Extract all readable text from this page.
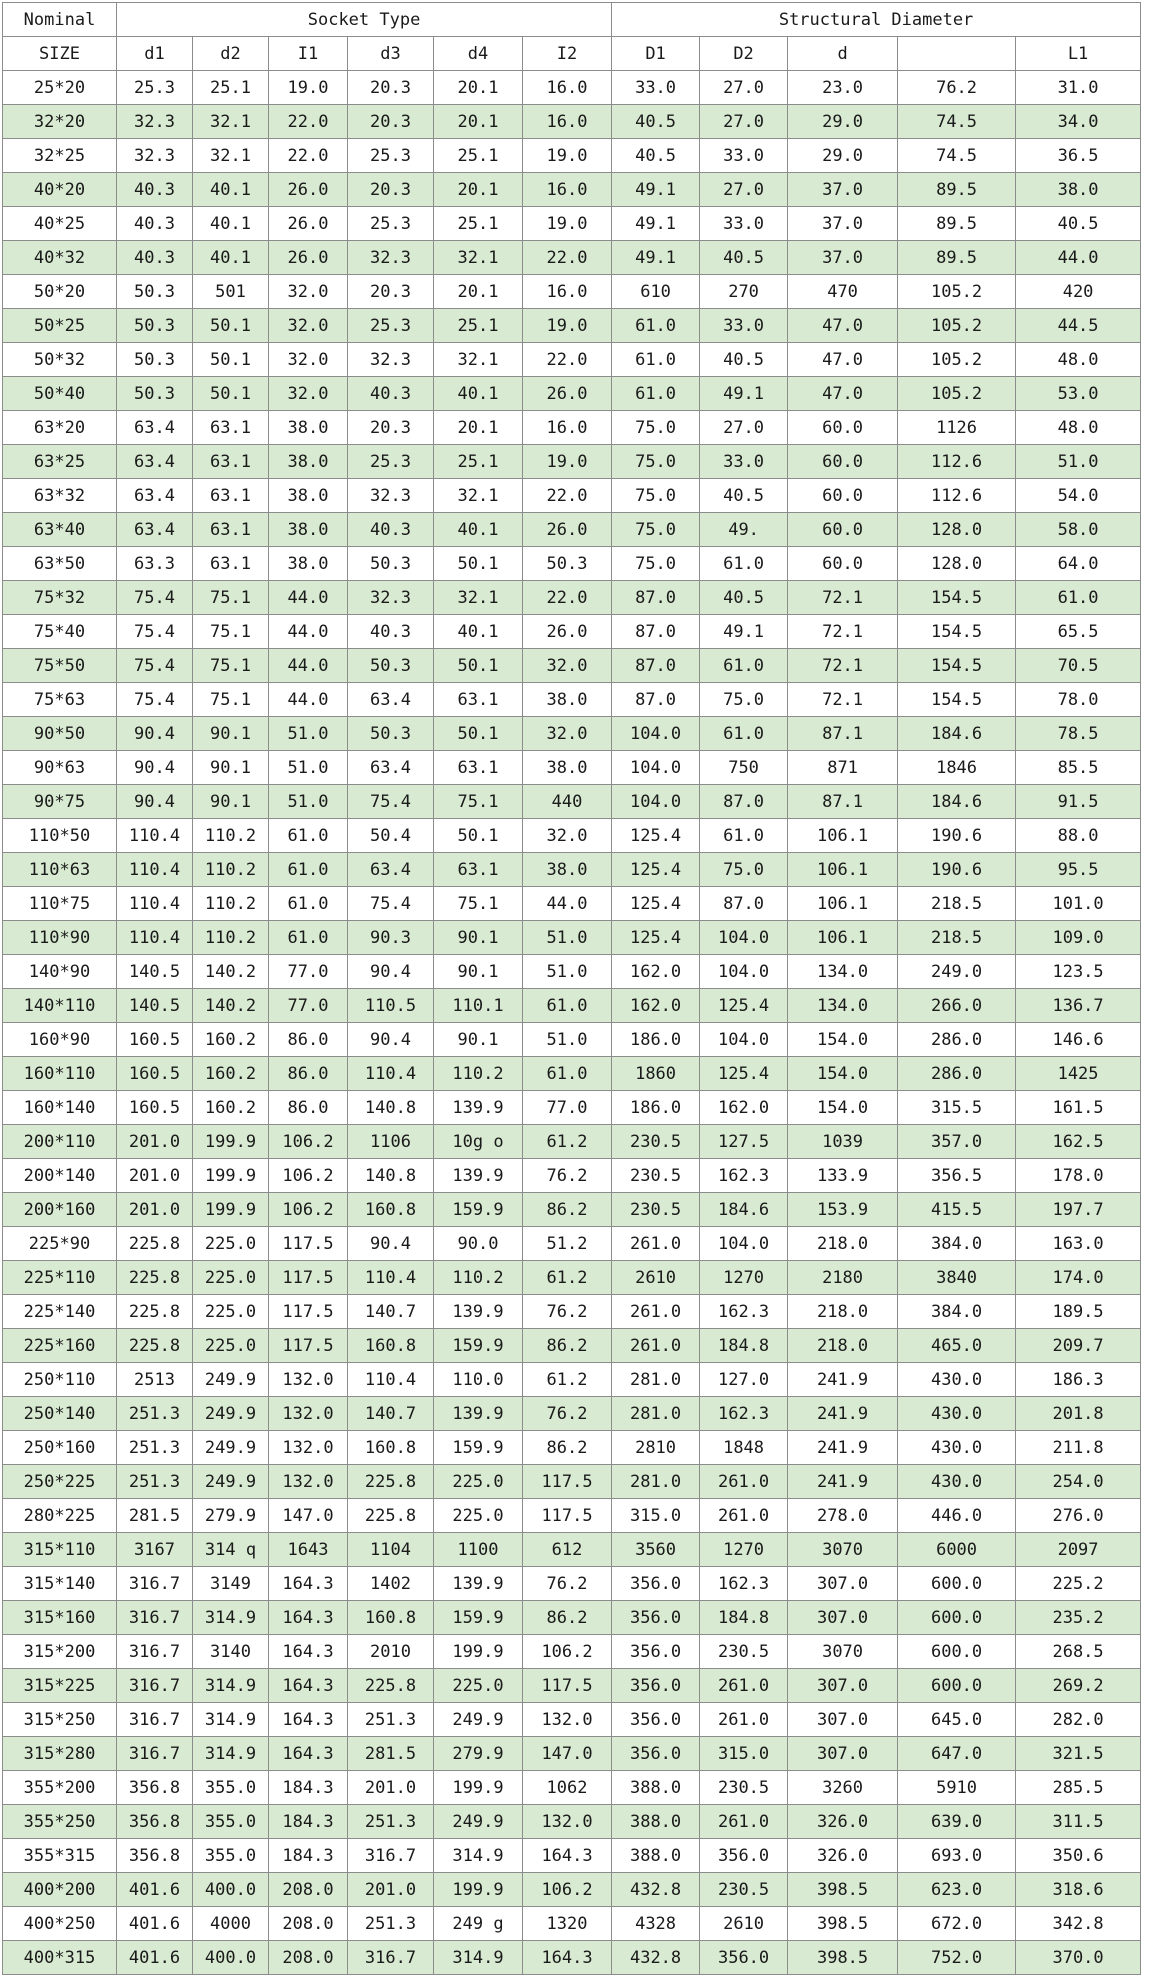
Nominal	Socket Type						Structural Diameter				
SIZE	d1	d2	I1	d3	d4	I2	D1	D2	d		L1
25*20	25.3	25.1	19.0	20.3	20.1	16.0	33.0	27.0	23.0	76.2	31.0
32*20	32.3	32.1	22.0	20.3	20.1	16.0	40.5	27.0	29.0	74.5	34.0
32*25	32.3	32.1	22.0	25.3	25.1	19.0	40.5	33.0	29.0	74.5	36.5
40*20	40.3	40.1	26.0	20.3	20.1	16.0	49.1	27.0	37.0	89.5	38.0
40*25	40.3	40.1	26.0	25.3	25.1	19.0	49.1	33.0	37.0	89.5	40.5
40*32	40.3	40.1	26.0	32.3	32.1	22.0	49.1	40.5	37.0	89.5	44.0
50*20	50.3	501	32.0	20.3	20.1	16.0	610	270	470	105.2	420
50*25	50.3	50.1	32.0	25.3	25.1	19.0	61.0	33.0	47.0	105.2	44.5
50*32	50.3	50.1	32.0	32.3	32.1	22.0	61.0	40.5	47.0	105.2	48.0
50*40	50.3	50.1	32.0	40.3	40.1	26.0	61.0	49.1	47.0	105.2	53.0
63*20	63.4	63.1	38.0	20.3	20.1	16.0	75.0	27.0	60.0	1126	48.0
63*25	63.4	63.1	38.0	25.3	25.1	19.0	75.0	33.0	60.0	112.6	51.0
63*32	63.4	63.1	38.0	32.3	32.1	22.0	75.0	40.5	60.0	112.6	54.0
63*40	63.4	63.1	38.0	40.3	40.1	26.0	75.0	49.	60.0	128.0	58.0
63*50	63.3	63.1	38.0	50.3	50.1	50.3	75.0	61.0	60.0	128.0	64.0
75*32	75.4	75.1	44.0	32.3	32.1	22.0	87.0	40.5	72.1	154.5	61.0
75*40	75.4	75.1	44.0	40.3	40.1	26.0	87.0	49.1	72.1	154.5	65.5
75*50	75.4	75.1	44.0	50.3	50.1	32.0	87.0	61.0	72.1	154.5	70.5
75*63	75.4	75.1	44.0	63.4	63.1	38.0	87.0	75.0	72.1	154.5	78.0
90*50	90.4	90.1	51.0	50.3	50.1	32.0	104.0	61.0	87.1	184.6	78.5
90*63	90.4	90.1	51.0	63.4	63.1	38.0	104.0	750	871	1846	85.5
90*75	90.4	90.1	51.0	75.4	75.1	440	104.0	87.0	87.1	184.6	91.5
110*50	110.4	110.2	61.0	50.4	50.1	32.0	125.4	61.0	106.1	190.6	88.0
110*63	110.4	110.2	61.0	63.4	63.1	38.0	125.4	75.0	106.1	190.6	95.5
110*75	110.4	110.2	61.0	75.4	75.1	44.0	125.4	87.0	106.1	218.5	101.0
110*90	110.4	110.2	61.0	90.3	90.1	51.0	125.4	104.0	106.1	218.5	109.0
140*90	140.5	140.2	77.0	90.4	90.1	51.0	162.0	104.0	134.0	249.0	123.5
140*110	140.5	140.2	77.0	110.5	110.1	61.0	162.0	125.4	134.0	266.0	136.7
160*90	160.5	160.2	86.0	90.4	90.1	51.0	186.0	104.0	154.0	286.0	146.6
160*110	160.5	160.2	86.0	110.4	110.2	61.0	1860	125.4	154.0	286.0	1425
160*140	160.5	160.2	86.0	140.8	139.9	77.0	186.0	162.0	154.0	315.5	161.5
200*110	201.0	199.9	106.2	1106	10g o	61.2	230.5	127.5	1039	357.0	162.5
200*140	201.0	199.9	106.2	140.8	139.9	76.2	230.5	162.3	133.9	356.5	178.0
200*160	201.0	199.9	106.2	160.8	159.9	86.2	230.5	184.6	153.9	415.5	197.7
225*90	225.8	225.0	117.5	90.4	90.0	51.2	261.0	104.0	218.0	384.0	163.0
225*110	225.8	225.0	117.5	110.4	110.2	61.2	2610	1270	2180	3840	174.0
225*140	225.8	225.0	117.5	140.7	139.9	76.2	261.0	162.3	218.0	384.0	189.5
225*160	225.8	225.0	117.5	160.8	159.9	86.2	261.0	184.8	218.0	465.0	209.7
250*110	2513	249.9	132.0	110.4	110.0	61.2	281.0	127.0	241.9	430.0	186.3
250*140	251.3	249.9	132.0	140.7	139.9	76.2	281.0	162.3	241.9	430.0	201.8
250*160	251.3	249.9	132.0	160.8	159.9	86.2	2810	1848	241.9	430.0	211.8
250*225	251.3	249.9	132.0	225.8	225.0	117.5	281.0	261.0	241.9	430.0	254.0
280*225	281.5	279.9	147.0	225.8	225.0	117.5	315.0	261.0	278.0	446.0	276.0
315*110	3167	314 q	1643	1104	1100	612	3560	1270	3070	6000	2097
315*140	316.7	3149	164.3	1402	139.9	76.2	356.0	162.3	307.0	600.0	225.2
315*160	316.7	314.9	164.3	160.8	159.9	86.2	356.0	184.8	307.0	600.0	235.2
315*200	316.7	3140	164.3	2010	199.9	106.2	356.0	230.5	3070	600.0	268.5
315*225	316.7	314.9	164.3	225.8	225.0	117.5	356.0	261.0	307.0	600.0	269.2
315*250	316.7	314.9	164.3	251.3	249.9	132.0	356.0	261.0	307.0	645.0	282.0
315*280	316.7	314.9	164.3	281.5	279.9	147.0	356.0	315.0	307.0	647.0	321.5
355*200	356.8	355.0	184.3	201.0	199.9	1062	388.0	230.5	3260	5910	285.5
355*250	356.8	355.0	184.3	251.3	249.9	132.0	388.0	261.0	326.0	639.0	311.5
355*315	356.8	355.0	184.3	316.7	314.9	164.3	388.0	356.0	326.0	693.0	350.6
400*200	401.6	400.0	208.0	201.0	199.9	106.2	432.8	230.5	398.5	623.0	318.6
400*250	401.6	4000	208.0	251.3	249 g	1320	4328	2610	398.5	672.0	342.8
400*315	401.6	400.0	208.0	316.7	314.9	164.3	432.8	356.0	398.5	752.0	370.0
